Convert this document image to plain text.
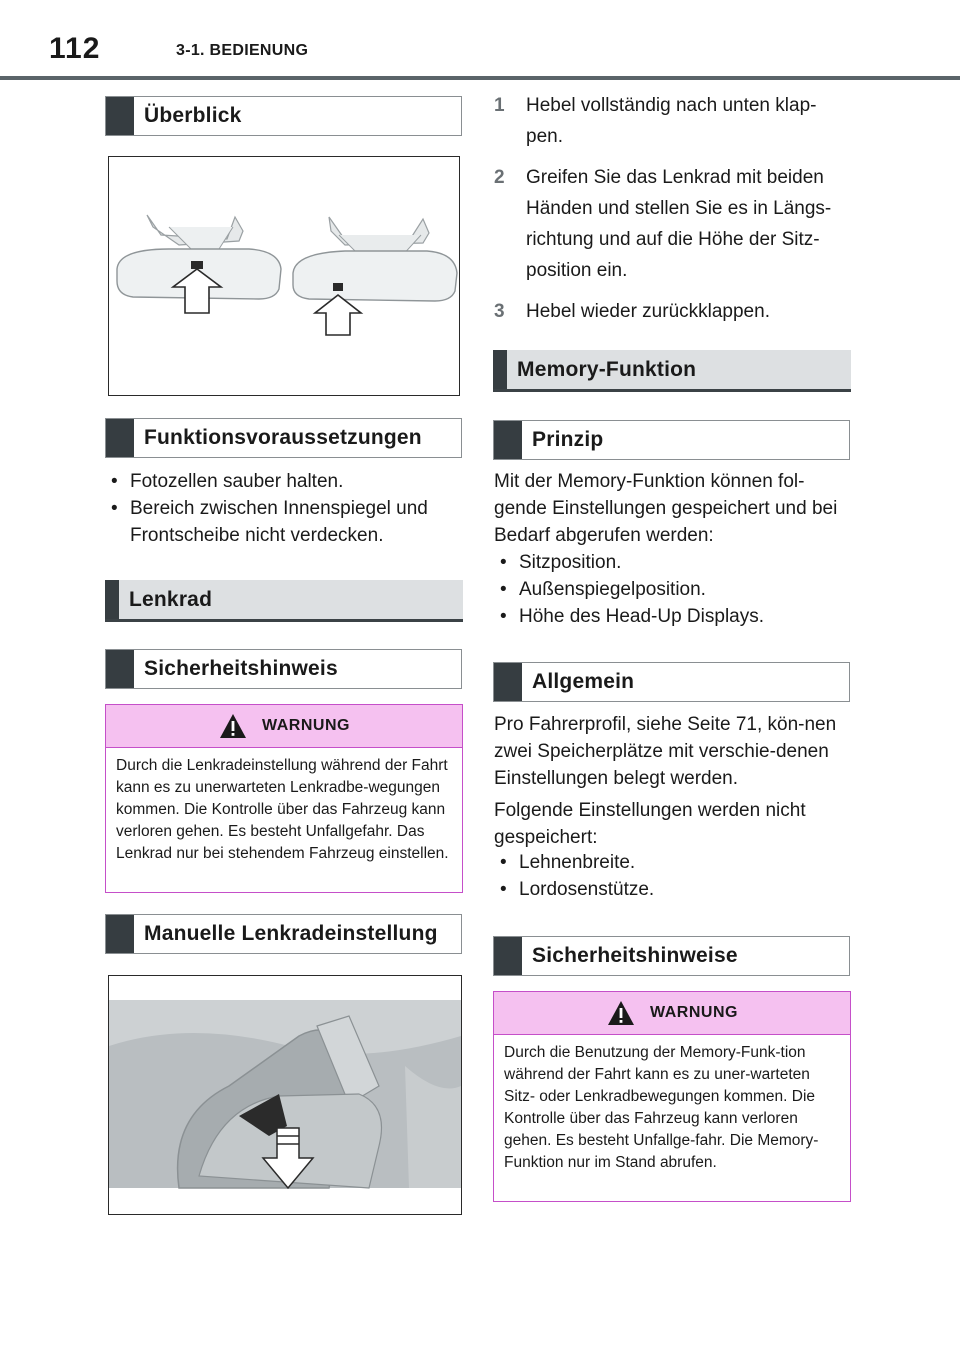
112	3-1. BEDIENUNG
Überblick
Funktionsvoraussetzungen
• Fotozellen sauber halten.
• Bereich zwischen Innenspiegel und Frontscheibe nicht verdecken.
Lenkrad
Sicherheitshinweis
WARNUNG
Durch die Lenkradeinstellung während der Fahrt kann es zu unerwarteten Lenkradbe-wegungen kommen. Die Kontrolle über das Fahrzeug kann verloren gehen. Es besteht Unfallgefahr. Das Lenkrad nur bei stehendem Fahrzeug einstellen.
Manuelle Lenkradeinstellung
1 Hebel vollständig nach unten klap-pen.
2 Greifen Sie das Lenkrad mit beiden Händen und stellen Sie es in Längs-richtung und auf die Höhe der Sitz-position ein.
3 Hebel wieder zurückklappen.
Memory-Funktion
Prinzip
Mit der Memory-Funktion können fol-gende Einstellungen gespeichert und bei Bedarf abgerufen werden:
• Sitzposition.
• Außenspiegelposition.
• Höhe des Head-Up Displays.
Allgemein
Pro Fahrerprofil, siehe Seite 71, kön-nen zwei Speicherplätze mit verschie-denen Einstellungen belegt werden.
Folgende Einstellungen werden nicht gespeichert:
• Lehnenbreite.
• Lordosenstütze.
Sicherheitshinweise
WARNUNG
Durch die Benutzung der Memory-Funk-tion während der Fahrt kann es zu uner-warteten Sitz- oder Lenkradbewegungen kommen. Die Kontrolle über das Fahrzeug kann verloren gehen. Es besteht Unfallge-fahr. Die Memory-Funktion nur im Stand abrufen.
